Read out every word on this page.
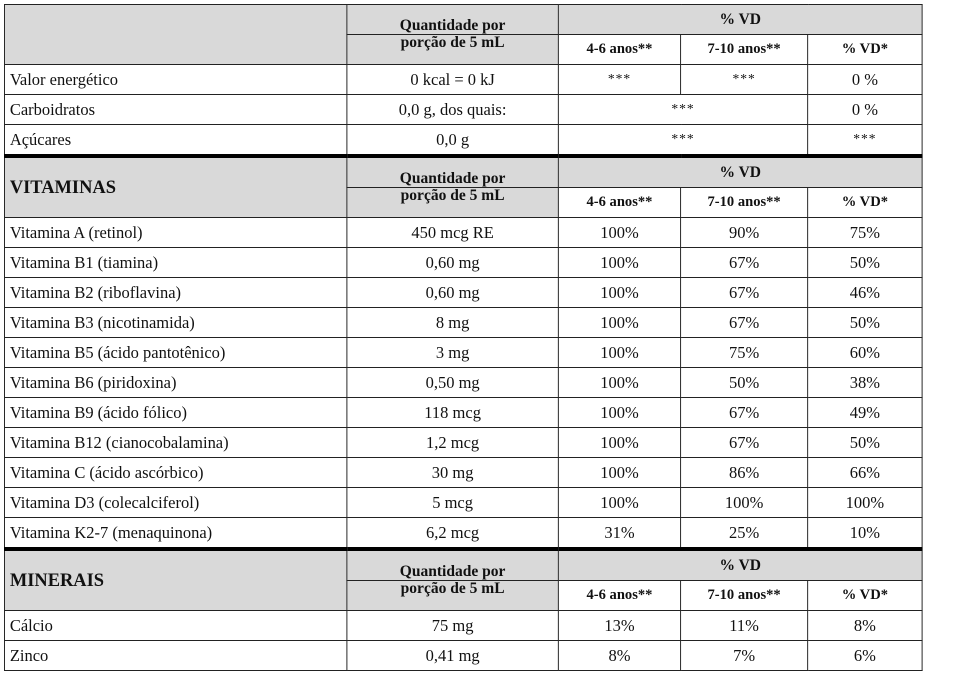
	Quantidade por	% VD		
	porção de 5 mL	4-6 anos**	7-10 anos**	% VD*
Valor energético	0 kcal = 0 kJ	***	***	0 %
Carboidratos	0,0 g, dos quais:	***		0 %
Açúcares	0,0 g	***		***
VITAMINAS	Quantidade por	% VD		
	porção de 5 mL	4-6 anos**	7-10 anos**	% VD*
Vitamina A (retinol)	450 mcg RE	100%	90%	75%
Vitamina B1 (tiamina)	0,60 mg	100%	67%	50%
Vitamina B2 (riboflavina)	0,60 mg	100%	67%	46%
Vitamina B3 (nicotinamida)	8 mg	100%	67%	50%
Vitamina B5 (ácido pantotênico)	3 mg	100%	75%	60%
Vitamina B6 (piridoxina)	0,50 mg	100%	50%	38%
Vitamina B9 (ácido fólico)	118 mcg	100%	67%	49%
Vitamina B12 (cianocobalamina)	1,2 mcg	100%	67%	50%
Vitamina C (ácido ascórbico)	30 mg	100%	86%	66%
Vitamina D3 (colecalciferol)	5 mcg	100%	100%	100%
Vitamina K2-7 (menaquinona)	6,2 mcg	31%	25%	10%
MINERAIS	Quantidade por	% VD		
	porção de 5 mL	4-6 anos**	7-10 anos**	% VD*
Cálcio	75 mg	13%	11%	8%
Zinco	0,41 mg	8%	7%	6%
